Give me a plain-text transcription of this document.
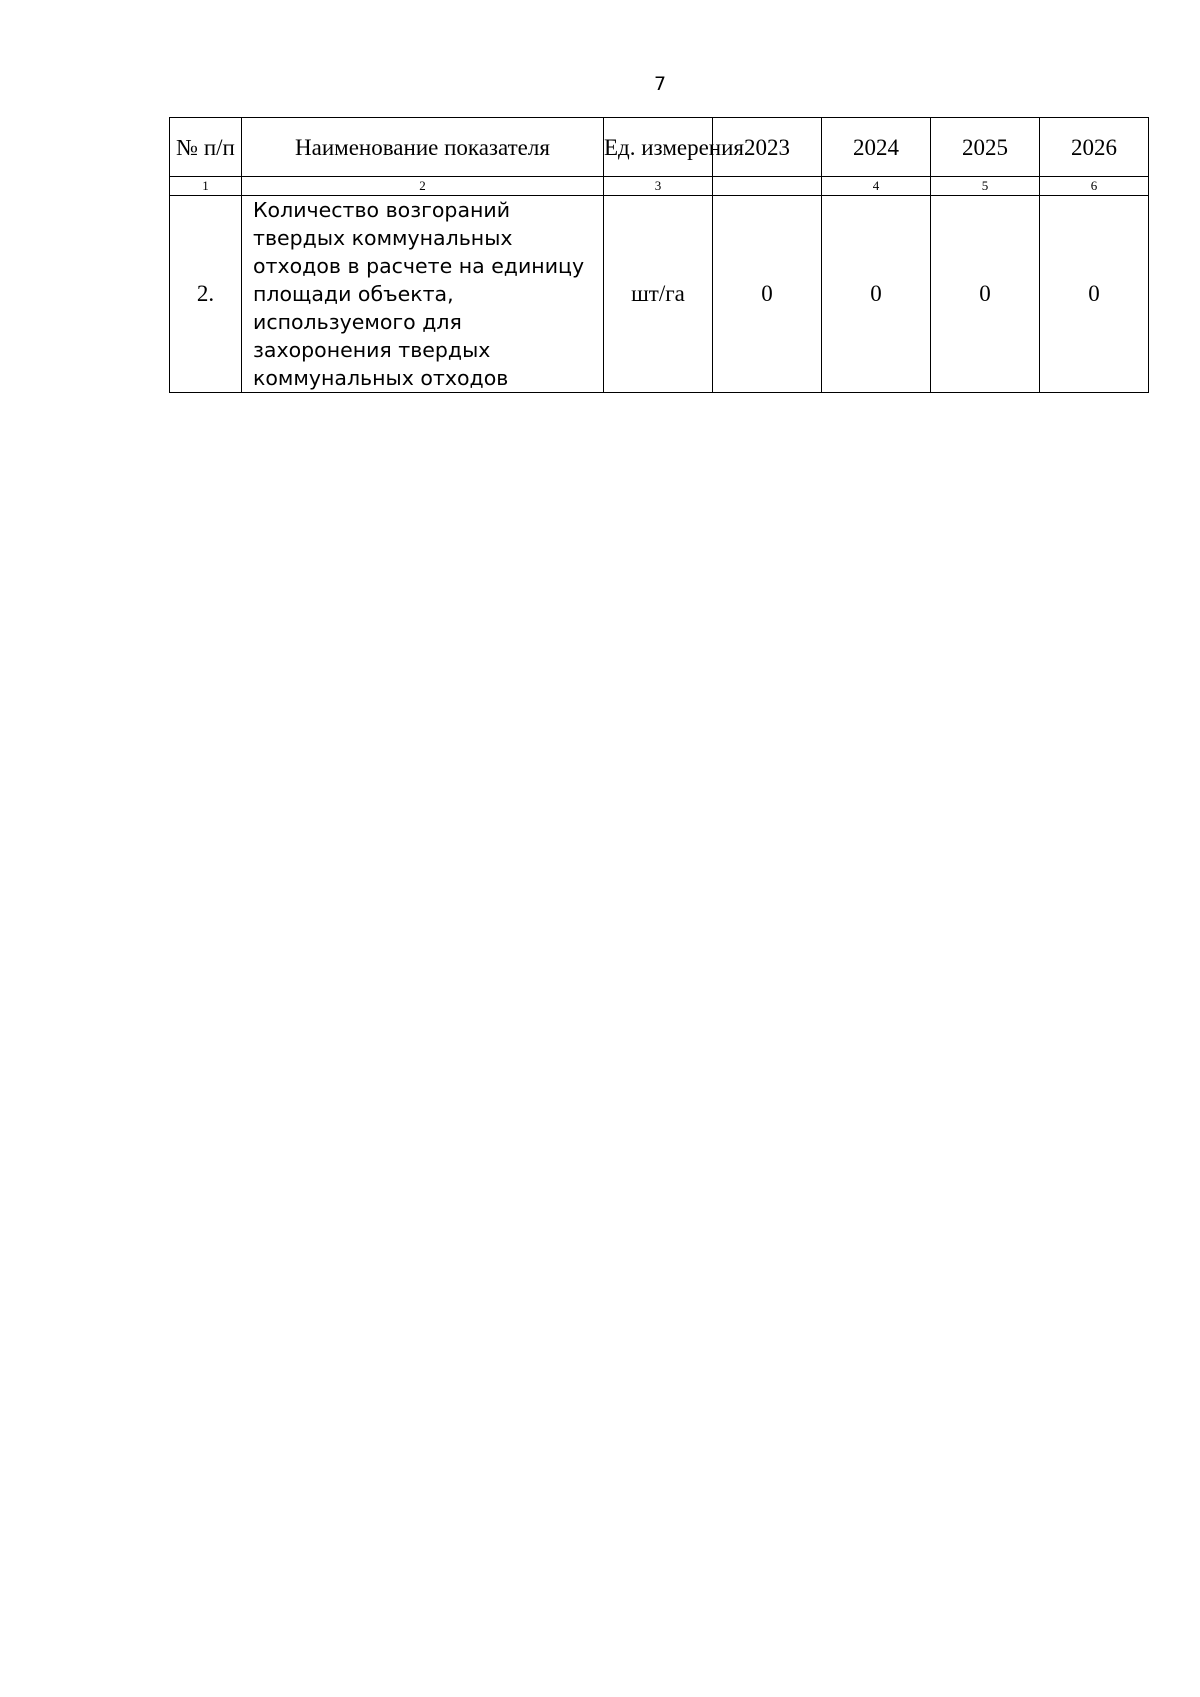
7
№ п/п	Наименование показателя	Ед. измерения	2023	2024	2025	2026
1	2	3		4	5	6
2.	Количество возгораний твердых коммунальных отходов в расчете на единицу площади объекта, используемого для захоронения твердых коммунальных отходов	шт/га	0	0	0	0
